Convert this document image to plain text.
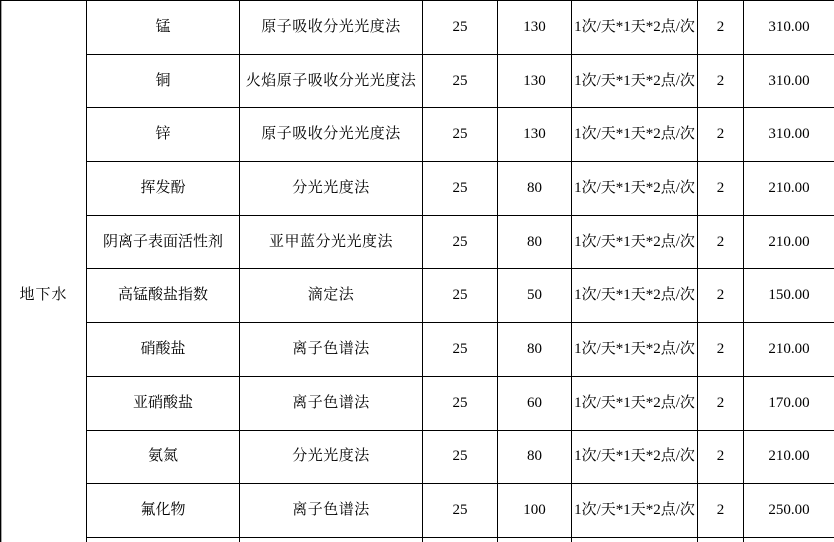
地下水	锰	原子吸收分光光度法	25	130	1次/天*1天*2点/次	2	310.00
	铜	火焰原子吸收分光光度法	25	130	1次/天*1天*2点/次	2	310.00
	锌	原子吸收分光光度法	25	130	1次/天*1天*2点/次	2	310.00
	挥发酚	分光光度法	25	80	1次/天*1天*2点/次	2	210.00
	阴离子表面活性剂	亚甲蓝分光光度法	25	80	1次/天*1天*2点/次	2	210.00
	高锰酸盐指数	滴定法	25	50	1次/天*1天*2点/次	2	150.00
	硝酸盐	离子色谱法	25	80	1次/天*1天*2点/次	2	210.00
	亚硝酸盐	离子色谱法	25	60	1次/天*1天*2点/次	2	170.00
	氨氮	分光光度法	25	80	1次/天*1天*2点/次	2	210.00
	氟化物	离子色谱法	25	100	1次/天*1天*2点/次	2	250.00
